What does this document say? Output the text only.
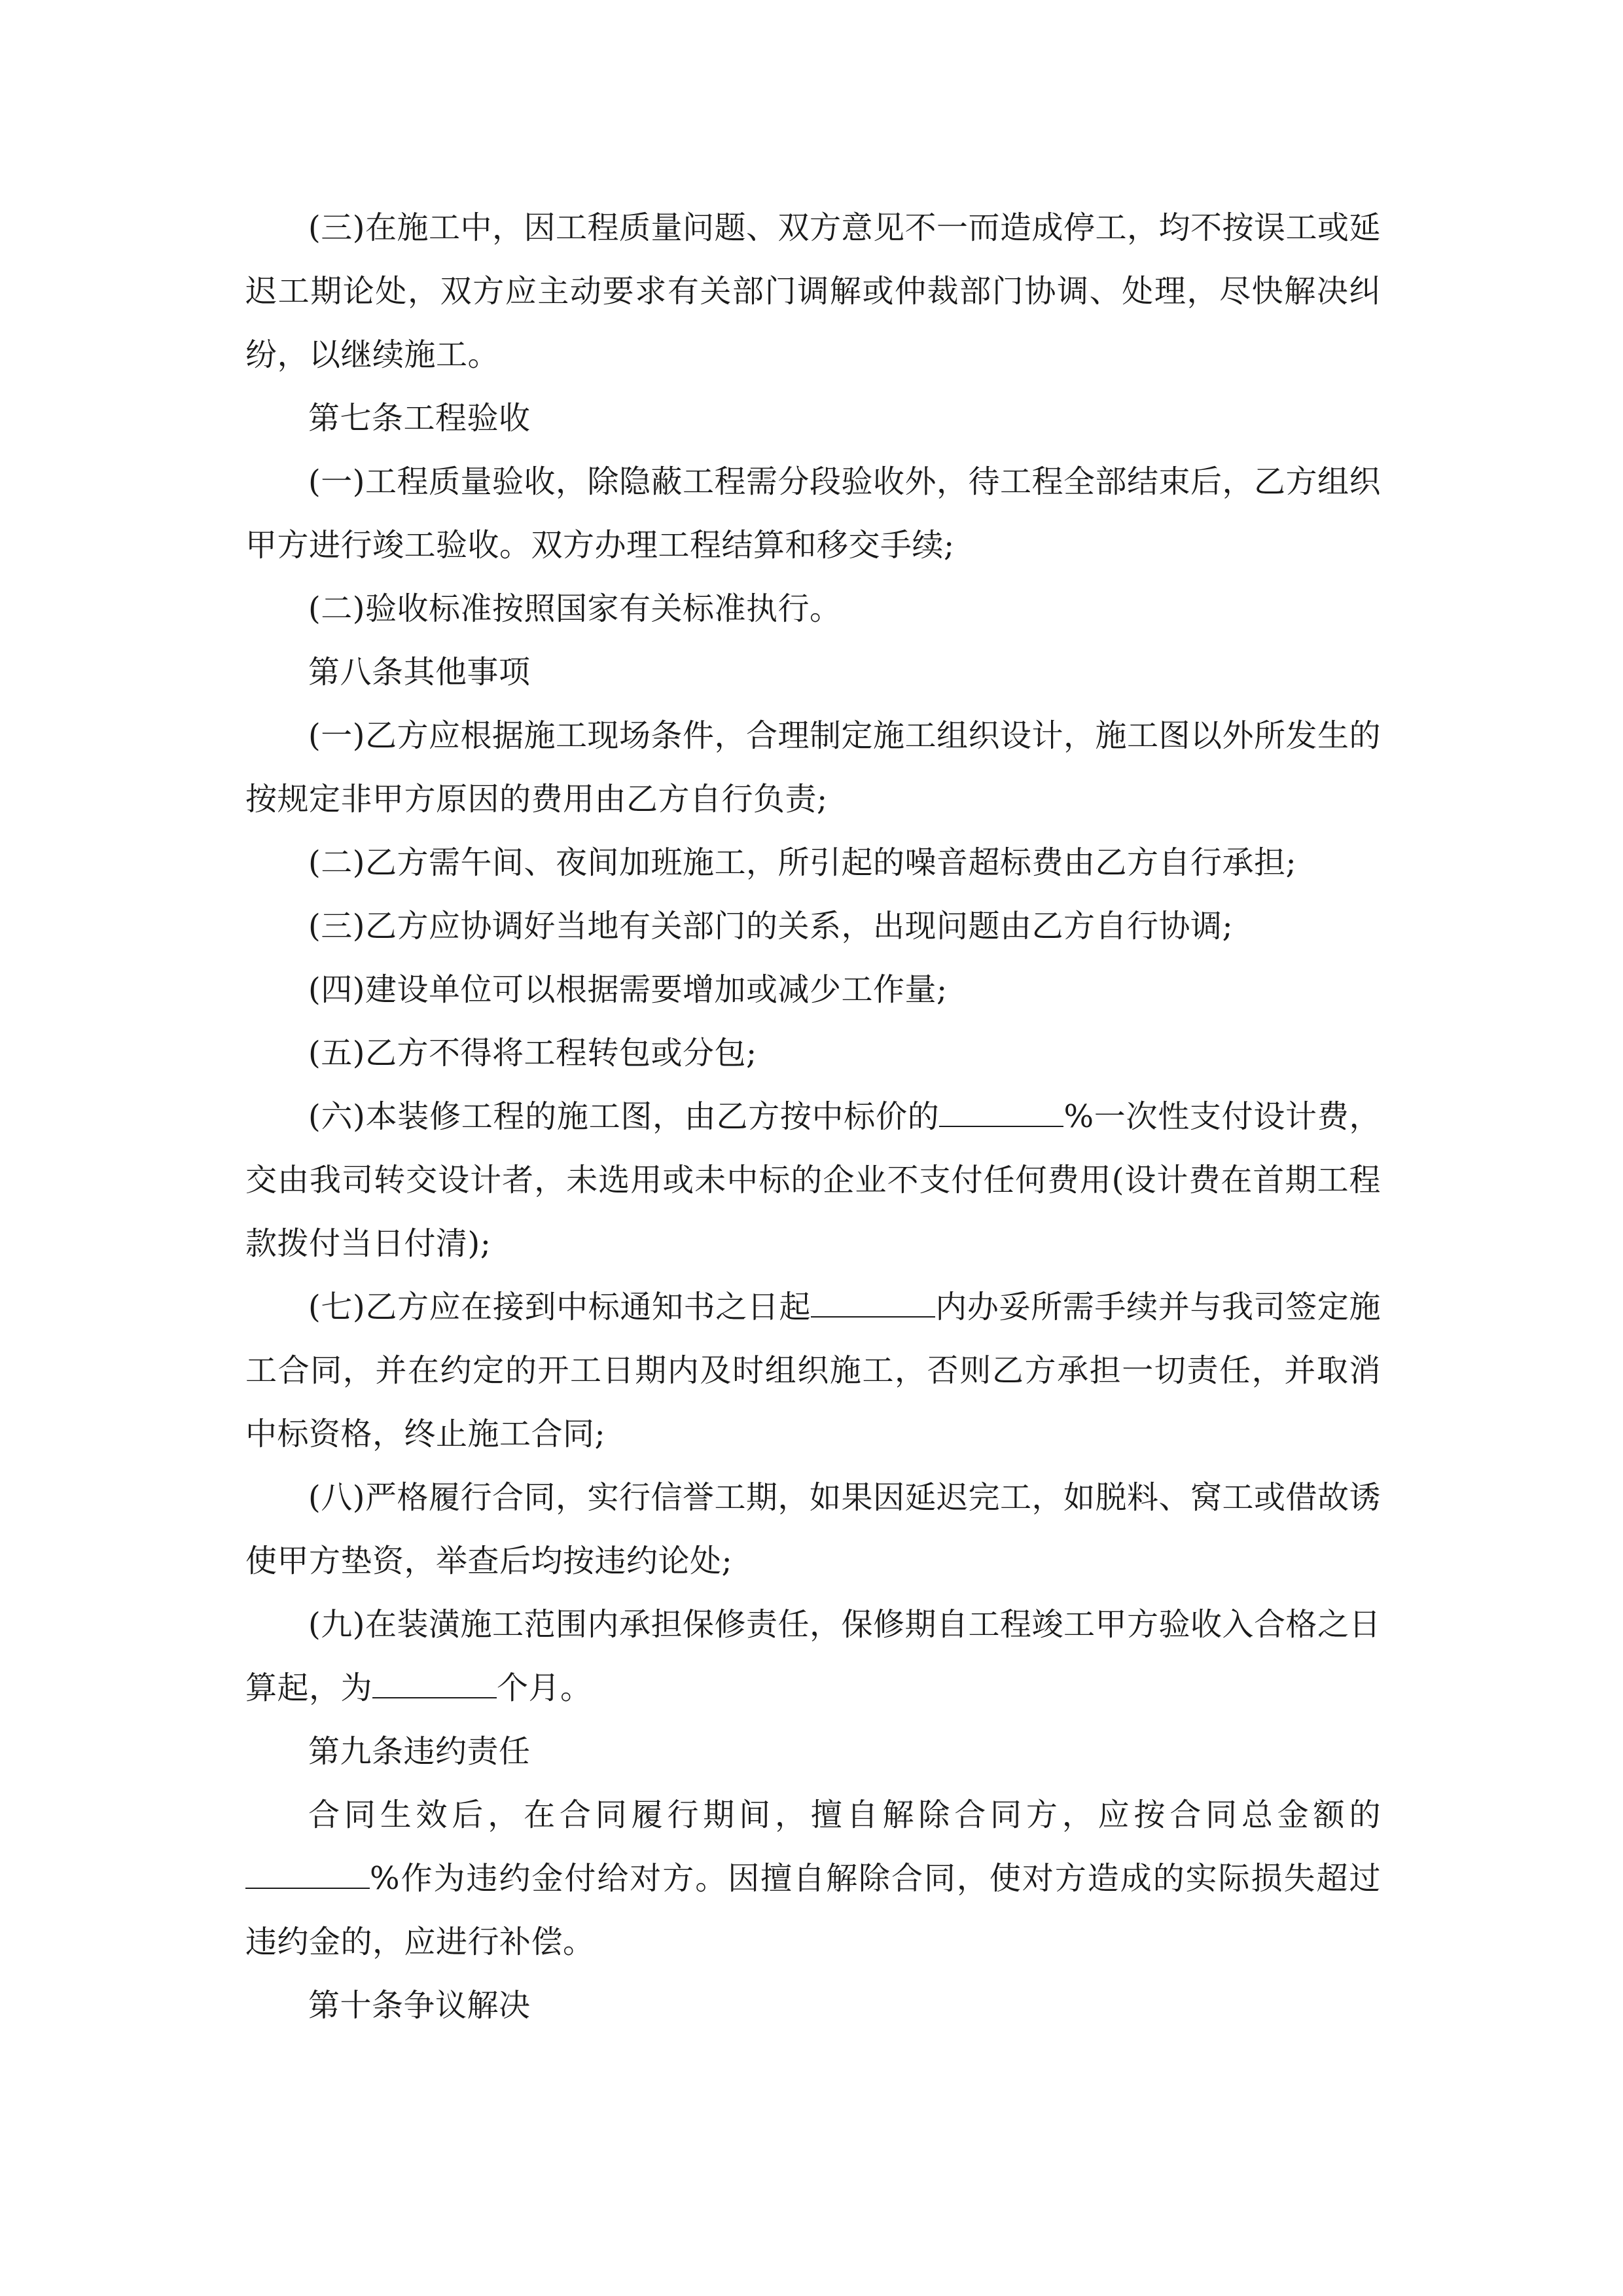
(三)在施工中，因工程质量问题、双方意见不一而造成停工，均不按误工或延迟工期论处，双方应主动要求有关部门调解或仲裁部门协调、处理，尽快解决纠纷，以继续施工。

第七条工程验收

(一)工程质量验收，除隐蔽工程需分段验收外，待工程全部结束后，乙方组织甲方进行竣工验收。双方办理工程结算和移交手续;

(二)验收标准按照国家有关标准执行。

第八条其他事项

(一)乙方应根据施工现场条件，合理制定施工组织设计，施工图以外所发生的按规定非甲方原因的费用由乙方自行负责;

(二)乙方需午间、夜间加班施工，所引起的噪音超标费由乙方自行承担;

(三)乙方应协调好当地有关部门的关系，出现问题由乙方自行协调;

(四)建设单位可以根据需要增加或减少工作量;

(五)乙方不得将工程转包或分包;

(六)本装修工程的施工图，由乙方按中标价的	%一次性支付设计费，交由我司转交设计者，未选用或未中标的企业不支付任何费用(设计费在首期工程款拨付当日付清);

(七)乙方应在接到中标通知书之日起	内办妥所需手续并与我司签定施工合同，并在约定的开工日期内及时组织施工，否则乙方承担一切责任，并取消中标资格，终止施工合同;

(八)严格履行合同，实行信誉工期，如果因延迟完工，如脱料、窝工或借故诱使甲方垫资，举查后均按违约论处;

(九)在装潢施工范围内承担保修责任，保修期自工程竣工甲方验收入合格之日算起，为	个月。

第九条违约责任

合同生效后，在合同履行期间，擅自解除合同方，应按合同总金额的%作为违约金付给对方。因擅自解除合同，使对方造成的实际损失超过违约金的，应进行补偿。

第十条争议解决
